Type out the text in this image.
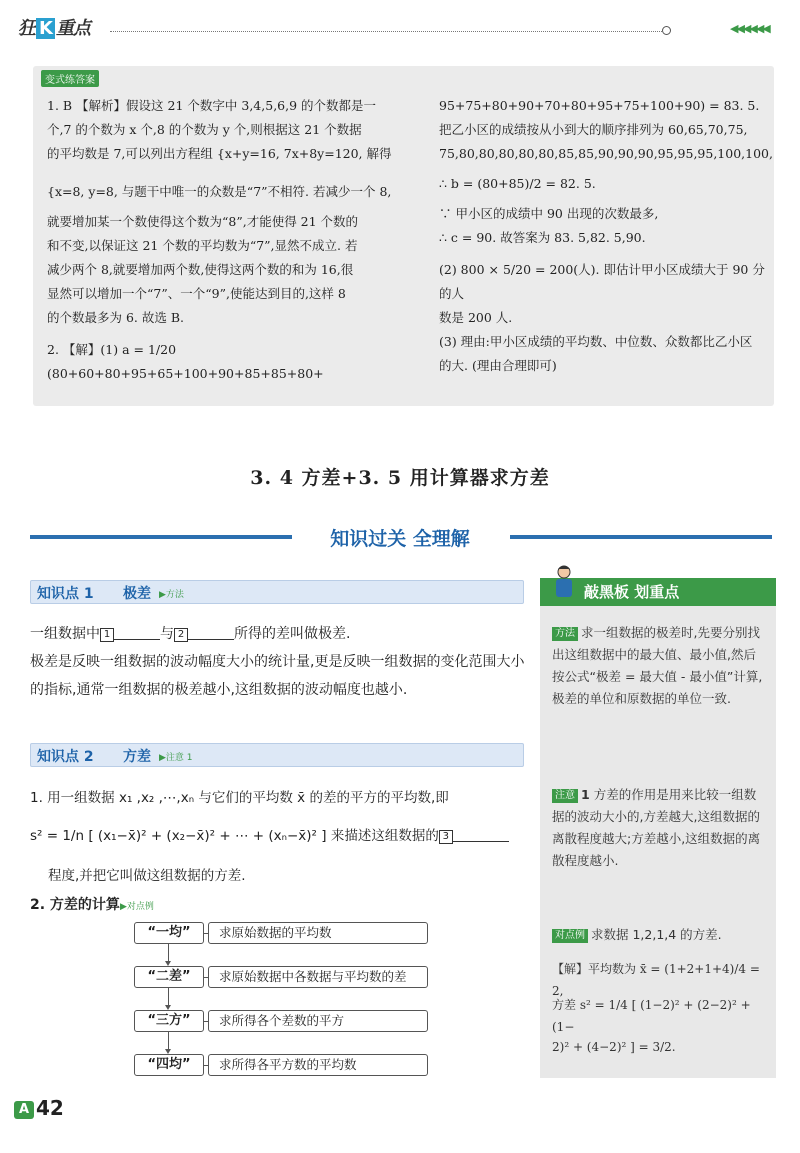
狂 K 重点	◀◀◀◀◀◀
变式练答案

1. B 【解析】假设这 21 个数字中 3,4,5,6,9 的个数都是一

个,7 的个数为 x 个,8 的个数为 y 个,则根据这 21 个数据

的平均数是 7,可以列出方程组 {x+y=16, 7x+8y=120, 解得

{x=8, y=8, 与题干中唯一的众数是“7”不相符. 若减少一个 8,

就要增加某一个数使得这个数为“8”,才能使得 21 个数的

和不变,以保证这 21 个数的平均数为“7”,显然不成立. 若

减少两个 8,就要增加两个数,使得这两个数的和为 16,很

显然可以增加一个“7”、一个“9”,使能达到目的,这样 8

的个数最多为 6. 故选 B.

2. 【解】(1) a = 1/20 (80+60+80+95+65+100+90+85+85+80+

95+75+80+90+70+80+95+75+100+90) = 83. 5.

把乙小区的成绩按从小到大的顺序排列为 60,65,70,75,

75,80,80,80,80,80,85,85,90,90,90,95,95,95,100,100,

∴ b = (80+85)/2 = 82. 5.

∵ 甲小区的成绩中 90 出现的次数最多,

∴ c = 90. 故答案为 83. 5,82. 5,90.

(2) 800 × 5/20 = 200(人). 即估计甲小区成绩大于 90 分的人

数是 200 人.

(3) 理由:甲小区成绩的平均数、中位数、众数都比乙小区

的大. (理由合理即可)

3. 4 方差+3. 5 用计算器求方差
知识过关 全理解
知识点 1 极差 ▶方法
一组数据中 1	与 2	所得的差叫做极差.
极差是反映一组数据的波动幅度大小的统计量,更是反映一组数据的变化范围大小的指标,通常一组数据的极差越小,这组数据的波动幅度也越小.
知识点 2 方差 ▶注意 1
1. 用一组数据 x₁ ,x₂ ,⋯,xₙ 与它们的平均数 x̄ 的差的平方的平均数,即
s² = 1/n [ (x₁−x̄)² + (x₂−x̄)² + ⋯ + (xₙ−x̄)² ] 来描述这组数据的 3
程度,并把它叫做这组数据的方差.
2. 方差的计算▶对点例
“一均”	求原始数据的平均数
“二差”	求原始数据中各数据与平均数的差
“三方”	求所得各个差数的平方
“四均”	求所得各平方数的平均数
敲黑板 划重点
方法 求一组数据的极差时,先要分别找出这组数据中的最大值、最小值,然后按公式“极差 = 最大值 - 最小值”计算,极差的单位和原数据的单位一致.
注意 1 方差的作用是用来比较一组数据的波动大小的,方差越大,这组数据的离散程度越大;方差越小,这组数据的离散程度越小.
对点例 求数据 1,2,1,4 的方差.
【解】平均数为 x̄ = (1+2+1+4)/4 = 2,
方差 s² = 1/4 [ (1−2)² + (2−2)² + (1−
2)² + (4−2)² ] = 3/2.
A 42
